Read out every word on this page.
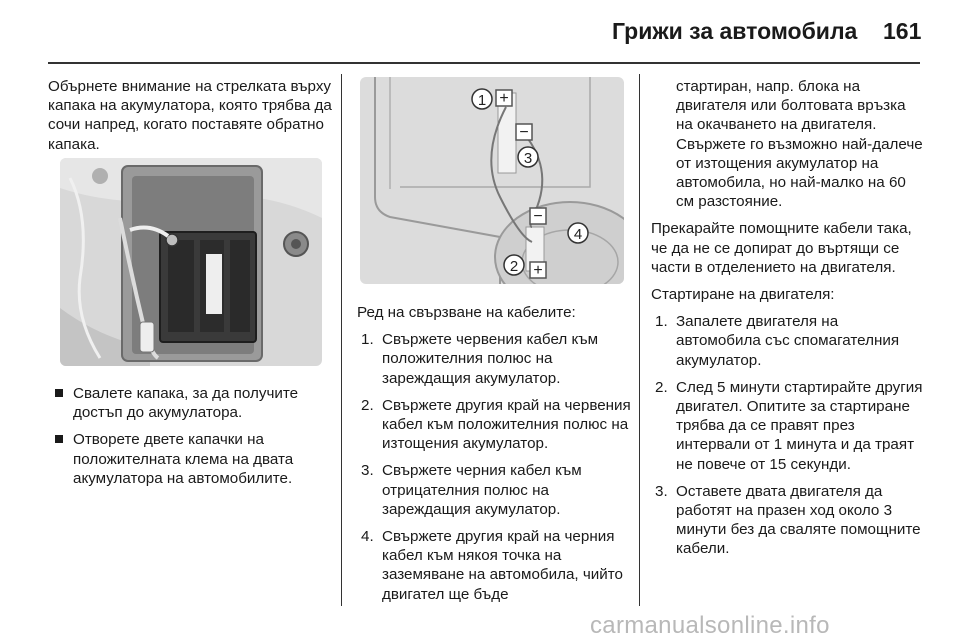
Грижи за автомобила 161

Обърнете внимание на стрелката върху капака на акумулатора, която трябва да сочи напред, когато поставяте обратно капака.

Свалете капака, за да получите достъп до акумулатора.
Отворете двете капачки на положителната клема на двата акумулатора на автомобилите.
+
−
−
+
1
3
4
2

Ред на свързване на кабелите:

1. Свържете червения кабел към положителния полюс на зареждащия акумулатор.
2. Свържете другия край на червения кабел към положителния полюс на изтощения акумулатор.
3. Свържете черния кабел към отрицателния полюс на зареждащия акумулатор.
4. Свържете другия край на черния кабел към някоя точка на заземяване на автомобила, чийто двигател ще бъде

стартиран, напр. блока на двигателя или болтовата връзка на окачването на двигателя. Свържете го възможно най-далече от изтощения акумулатор на автомобила, но най-малко на 60 см разстояние.

Прекарайте помощните кабели така, че да не се допират до въртящи се части в отделението на двигателя.

Стартиране на двигателя:

1. Запалете двигателя на автомобила със спомагателния акумулатор.
2. След 5 минути стартирайте другия двигател. Опитите за стартиране трябва да се правят през интервали от 1 минута и да траят не повече от 15 секунди.
3. Оставете двата двигателя да работят на празен ход около 3 минути без да сваляте помощните кабели.
carmanualsonline.info
